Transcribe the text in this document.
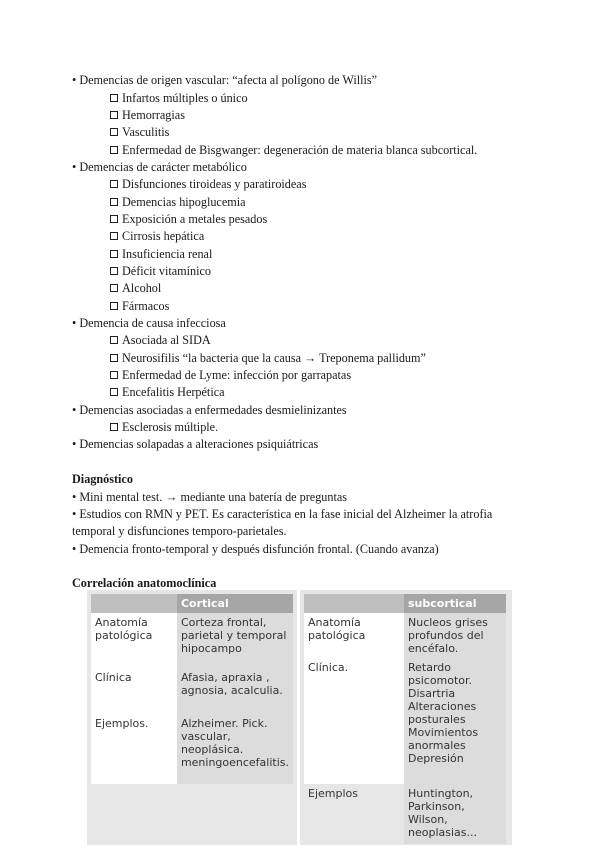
• Demencias de origen vascular: “afecta al polígono de Willis”
Infartos múltiples o único
Hemorragias
Vasculitis
Enfermedad de Bisgwanger: degeneración de materia blanca subcortical.
• Demencias de carácter metabólico
Disfunciones tiroideas y paratiroideas
Demencias hipoglucemia
Exposición a metales pesados
Cirrosis hepática
Insuficiencia renal
Déficit vitamínico
Alcohol
Fármacos
• Demencia de causa infecciosa
Asociada al SIDA
Neurosifilis “la bacteria que la causa → Treponema pallidum”
Enfermedad de Lyme: infección por garrapatas
Encefalitis Herpética
• Demencias asociadas a enfermedades desmielinizantes
Esclerosis múltiple.
• Demencias solapadas a alteraciones psiquiátricas
Diagnóstico
• Mini mental test. → mediante una batería de preguntas
• Estudios con RMN y PET. Es característica en la fase inicial del Alzheimer la atrofia
temporal y disfunciones temporo-parietales.
• Demencia fronto-temporal y después disfunción frontal. (Cuando avanza)
Correlación anatomoclínica
	Cortical
Anatomía patológica	Corteza frontal, parietal y temporal hipocampo
Clínica	Afasia, apraxia , agnosia, acalculia.
Ejemplos.	Alzheimer. Pick. vascular, neoplásica. meningoencefalitis.
	subcortical
Anatomía patológica	Nucleos grises profundos del encéfalo.
Clínica.	Retardo psicomotor. Disartria Alteraciones posturales Movimientos anormales Depresión
Ejemplos	Huntington, Parkinson, Wilson, neoplasias...
